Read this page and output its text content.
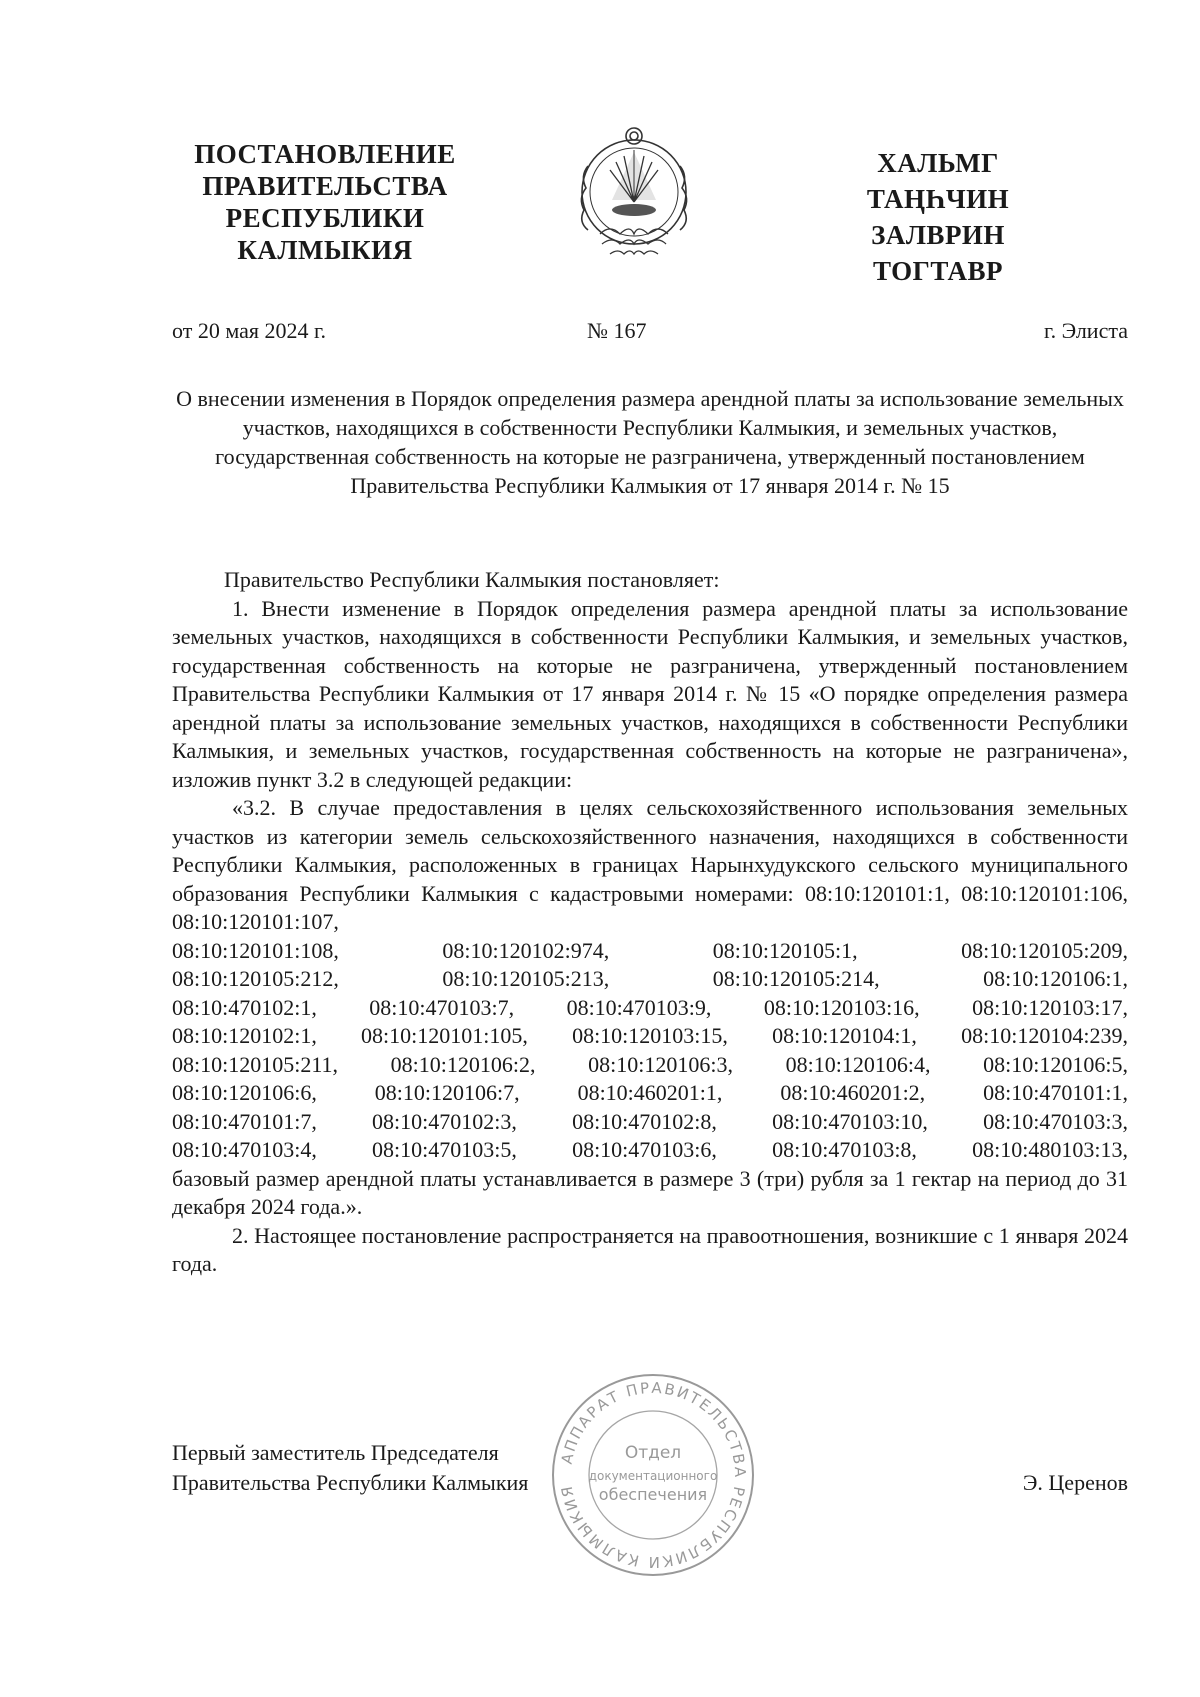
ПОСТАНОВЛЕНИЕ
ПРАВИТЕЛЬСТВА
РЕСПУБЛИКИ
КАЛМЫКИЯ
ХАЛЬМГ
ТАҢҺЧИН
ЗАЛВРИН
ТОГТАВР
от 20 мая 2024 г.	№ 167	г. Элиста
О внесении изменения в Порядок определения размера арендной платы за использование земельных участков, находящихся в собственности Республики Калмыкия, и земельных участков, государственная собственность на которые не разграничена, утвержденный постановлением Правительства Республики Калмыкия от 17 января 2014 г. № 15

Правительство Республики Калмыкия постановляет:

1. Внести изменение в Порядок определения размера арендной платы за использование земельных участков, находящихся в собственности Республики Калмыкия, и земельных участков, государственная собственность на которые не разграничена, утвержденный постановлением Правительства Республики Калмыкия от 17 января 2014 г. № 15 «О порядке определения размера арендной платы за использование земельных участков, находящихся в собственности Республики Калмыкия, и земельных участков, государственная собственность на которые не разграничена», изложив пункт 3.2 в следующей редакции:

«3.2. В случае предоставления в целях сельскохозяйственного использования земельных участков из категории земель сельскохозяйственного назначения, находящихся в собственности Республики Калмыкия, расположенных в границах Нарынхудукского сельского муниципального образования Республики Калмыкия с кадастровыми номерами: 08:10:120101:1, 08:10:120101:106, 08:10:120101:107,

08:10:120101:108,	08:10:120102:974,	08:10:120105:1,	08:10:120105:209,
08:10:120105:212,	08:10:120105:213,	08:10:120105:214,	08:10:120106:1,
08:10:470102:1, 08:10:470103:7, 08:10:470103:9, 08:10:120103:16, 08:10:120103:17,
08:10:120102:1, 08:10:120101:105, 08:10:120103:15, 08:10:120104:1, 08:10:120104:239,
08:10:120105:211, 08:10:120106:2, 08:10:120106:3, 08:10:120106:4, 08:10:120106:5,
08:10:120106:6,	08:10:120106:7,	08:10:460201:1,	08:10:460201:2,	08:10:470101:1,
08:10:470101:7,	08:10:470102:3,	08:10:470102:8,	08:10:470103:10,	08:10:470103:3,
08:10:470103:4,	08:10:470103:5,	08:10:470103:6,	08:10:470103:8,	08:10:480103:13,

базовый размер арендной платы устанавливается в размере 3 (три) рубля за 1 гектар на период до 31 декабря 2024 года.».

2. Настоящее постановление распространяется на правоотношения, возникшие с 1 января 2024 года.

Первый заместитель Председателя
Правительства Республики Калмыкия	Э. Церенов
АППАРАТ ПРАВИТЕЛЬСТВА РЕСПУБЛИКИ КАЛМЫКИЯ
Отдел
документационного
обеспечения
